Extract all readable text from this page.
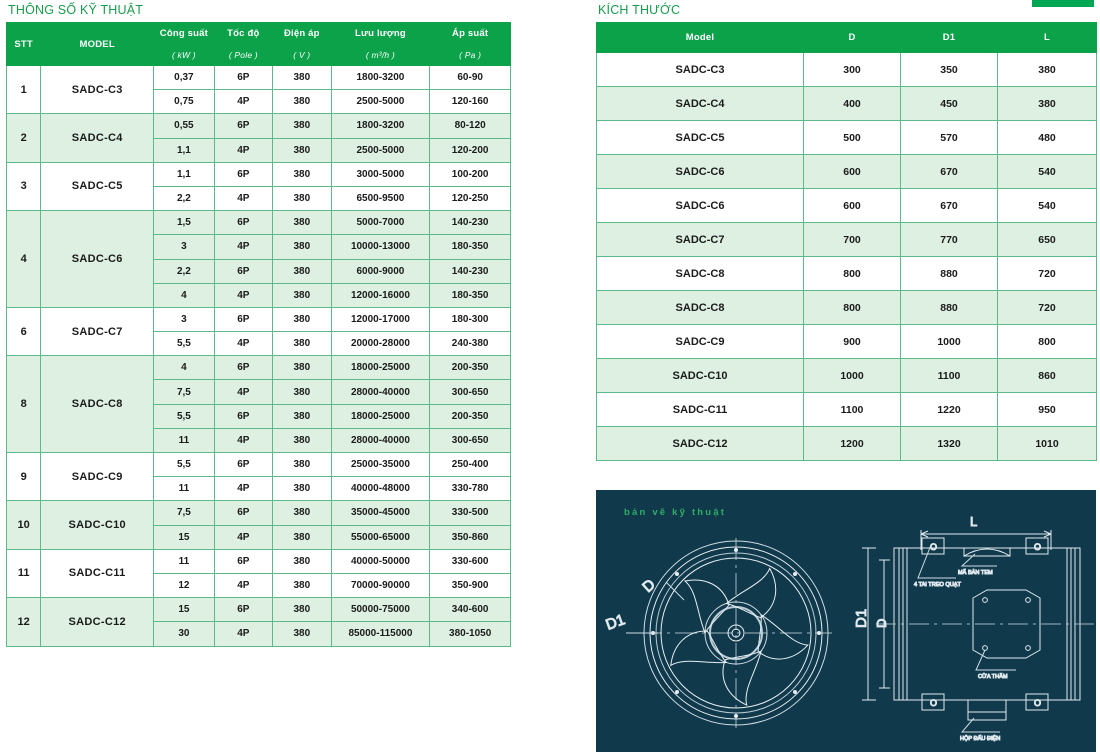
THÔNG SỐ KỸ THUẬT
STT	MODEL	Công suất	Tốc độ	Điện áp	Lưu lượng	Áp suất
		( kW )	( Pole )	( V )	( m³/h )	( Pa )
1	SADC-C3	0,37	6P	380	1800-3200	60-90
		0,75	4P	380	2500-5000	120-160
2	SADC-C4	0,55	6P	380	1800-3200	80-120
		1,1	4P	380	2500-5000	120-200
3	SADC-C5	1,1	6P	380	3000-5000	100-200
		2,2	4P	380	6500-9500	120-250
4	SADC-C6	1,5	6P	380	5000-7000	140-230
		3	4P	380	10000-13000	180-350
		2,2	6P	380	6000-9000	140-230
		4	4P	380	12000-16000	180-350
6	SADC-C7	3	6P	380	12000-17000	180-300
		5,5	4P	380	20000-28000	240-380
8	SADC-C8	4	6P	380	18000-25000	200-350
		7,5	4P	380	28000-40000	300-650
		5,5	6P	380	18000-25000	200-350
		11	4P	380	28000-40000	300-650
9	SADC-C9	5,5	6P	380	25000-35000	250-400
		11	4P	380	40000-48000	330-780
10	SADC-C10	7,5	6P	380	35000-45000	330-500
		15	4P	380	55000-65000	350-860
11	SADC-C11	11	6P	380	40000-50000	330-600
		12	4P	380	70000-90000	350-900
12	SADC-C12	15	6P	380	50000-75000	340-600
		30	4P	380	85000-115000	380-1050
KÍCH THƯỚC
Model	D	D1	L
SADC-C3	300	350	380
SADC-C4	400	450	380
SADC-C5	500	570	480
SADC-C6	600	670	540
SADC-C6	600	670	540
SADC-C7	700	770	650
SADC-C8	800	880	720
SADC-C8	800	880	720
SADC-C9	900	1000	800
SADC-C10	1000	1100	860
SADC-C11	1100	1220	950
SADC-C12	1200	1320	1010
bản vẽ kỹ thuật
D
D1
L
D1 D
O	O
O	O
MÃ BẢN TEM
4 TAI TREO QUẠT
CỬA THĂM
HỘP ĐẤU ĐIỆN
